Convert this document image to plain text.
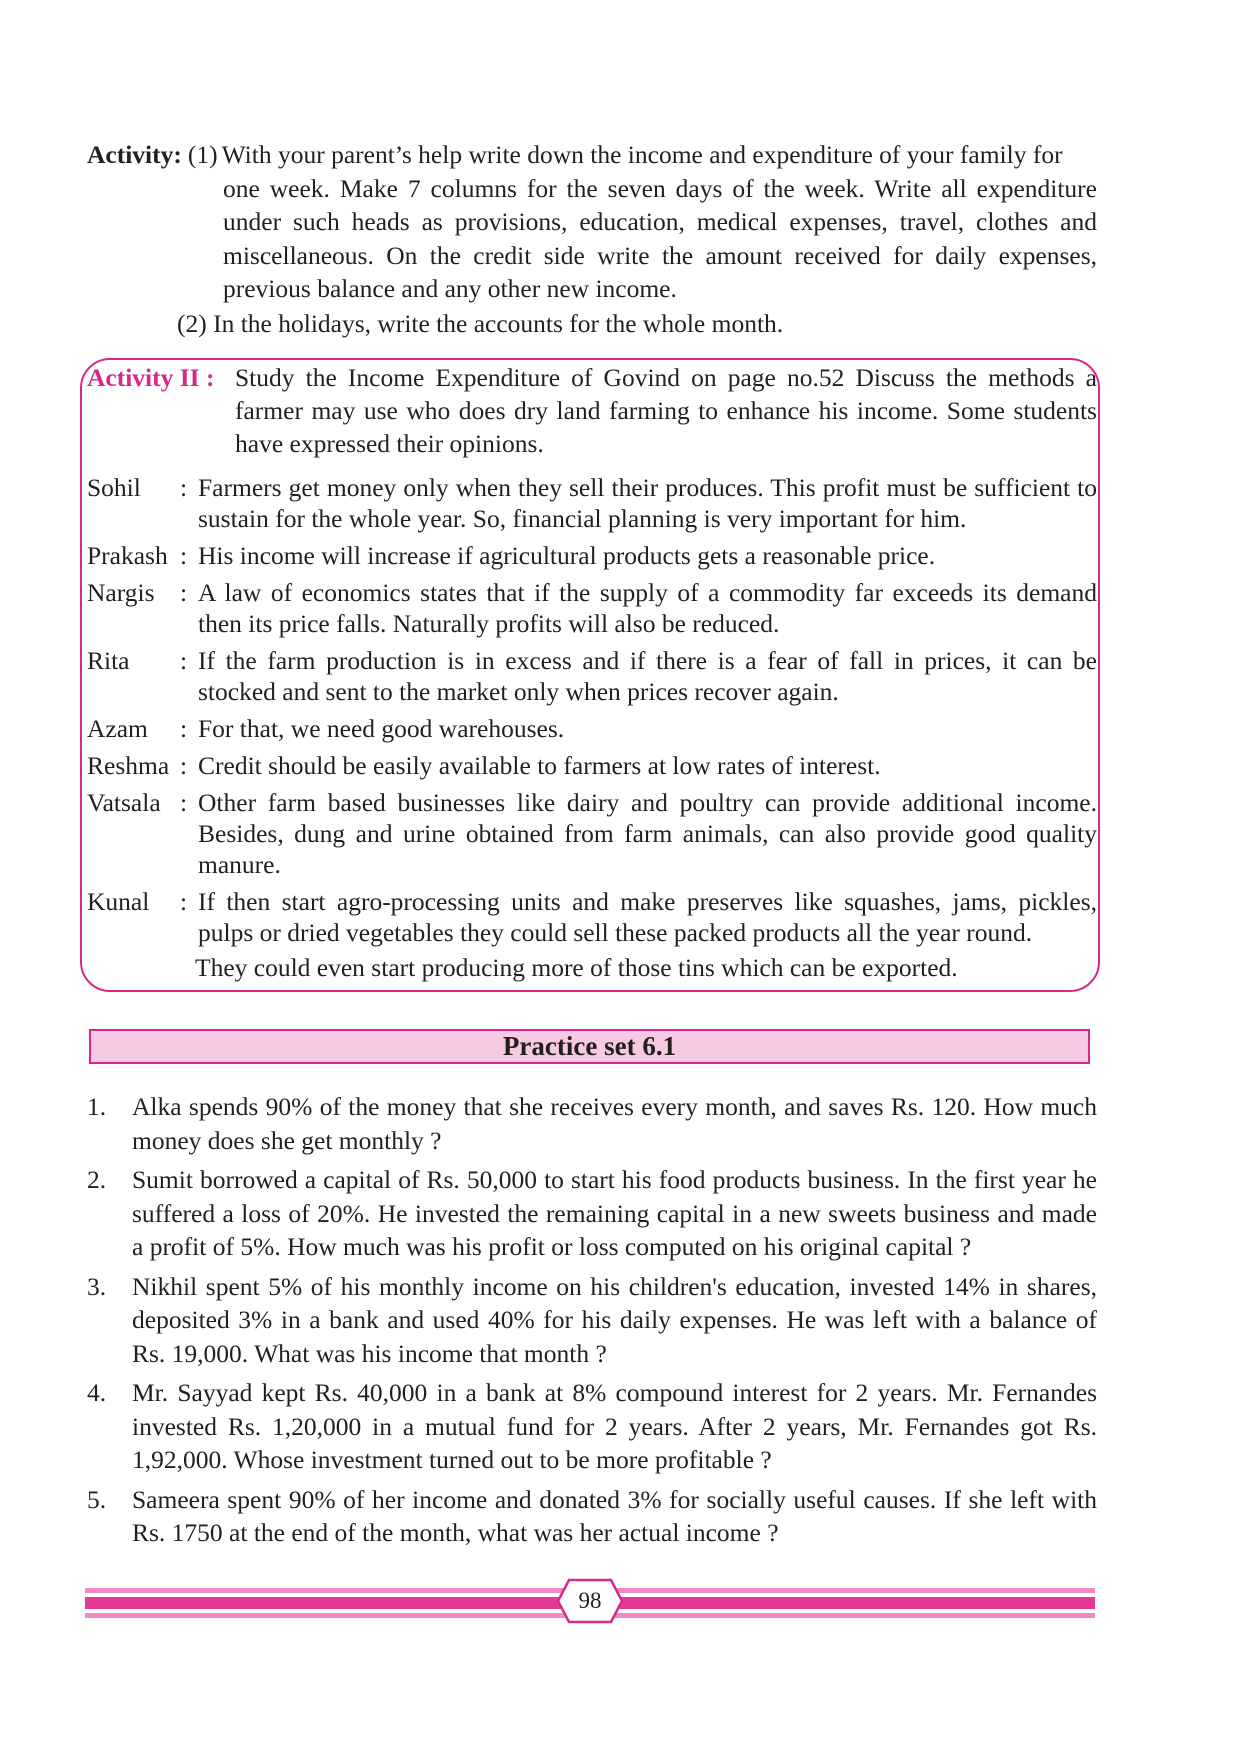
Activity: (1) With your parent’s help write down the income and expenditure of your family for
one week. Make 7 columns for the seven days of the week. Write all expenditure under such heads as provisions, education, medical expenses, travel, clothes and miscellaneous. On the credit side write the amount received for daily expenses, previous balance and any other new income.
(2) In the holidays, write the accounts for the whole month.
Activity II : Study the Income Expenditure of Govind on page no.52 Discuss the methods a farmer may use who does dry land farming to enhance his income. Some students have expressed their opinions.
Sohil	: Farmers get money only when they sell their produces. This profit must be sufficient to sustain for the whole year. So, financial planning is very important for him.
Prakash : His income will increase if agricultural products gets a reasonable price.
Nargis : A law of economics states that if the supply of a commodity far exceeds its demand then its price falls. Naturally profits will also be reduced.
Rita	: If the farm production is in excess and if there is a fear of fall in prices, it can be stocked and sent to the market only when prices recover again.
Azam	: For that, we need good warehouses.
Reshma : Credit should be easily available to farmers at low rates of interest.
Vatsala : Other farm based businesses like dairy and poultry can provide additional income. Besides, dung and urine obtained from farm animals, can also provide good quality manure.
Kunal	: If then start agro-processing units and make preserves like squashes, jams, pickles, pulps or dried vegetables they could sell these packed products all the year round.
They could even start producing more of those tins which can be exported.
Practice set 6.1
1.	Alka spends 90% of the money that she receives every month, and saves Rs. 120. How much money does she get monthly ?
2.	Sumit borrowed a capital of Rs. 50,000 to start his food products business. In the first year he suffered a loss of 20%. He invested the remaining capital in a new sweets business and made a profit of 5%. How much was his profit or loss computed on his original capital ?
3.	Nikhil spent 5% of his monthly income on his children's education, invested 14% in shares, deposited 3% in a bank and used 40% for his daily expenses. He was left with a balance of Rs. 19,000. What was his income that month ?
4.	Mr. Sayyad kept Rs. 40,000 in a bank at 8% compound interest for 2 years. Mr. Fernandes invested Rs. 1,20,000 in a mutual fund for 2 years. After 2 years, Mr. Fernandes got Rs. 1,92,000. Whose investment turned out to be more profitable ?
5.	Sameera spent 90% of her income and donated 3% for socially useful causes. If she left with Rs. 1750 at the end of the month, what was her actual income ?
98
